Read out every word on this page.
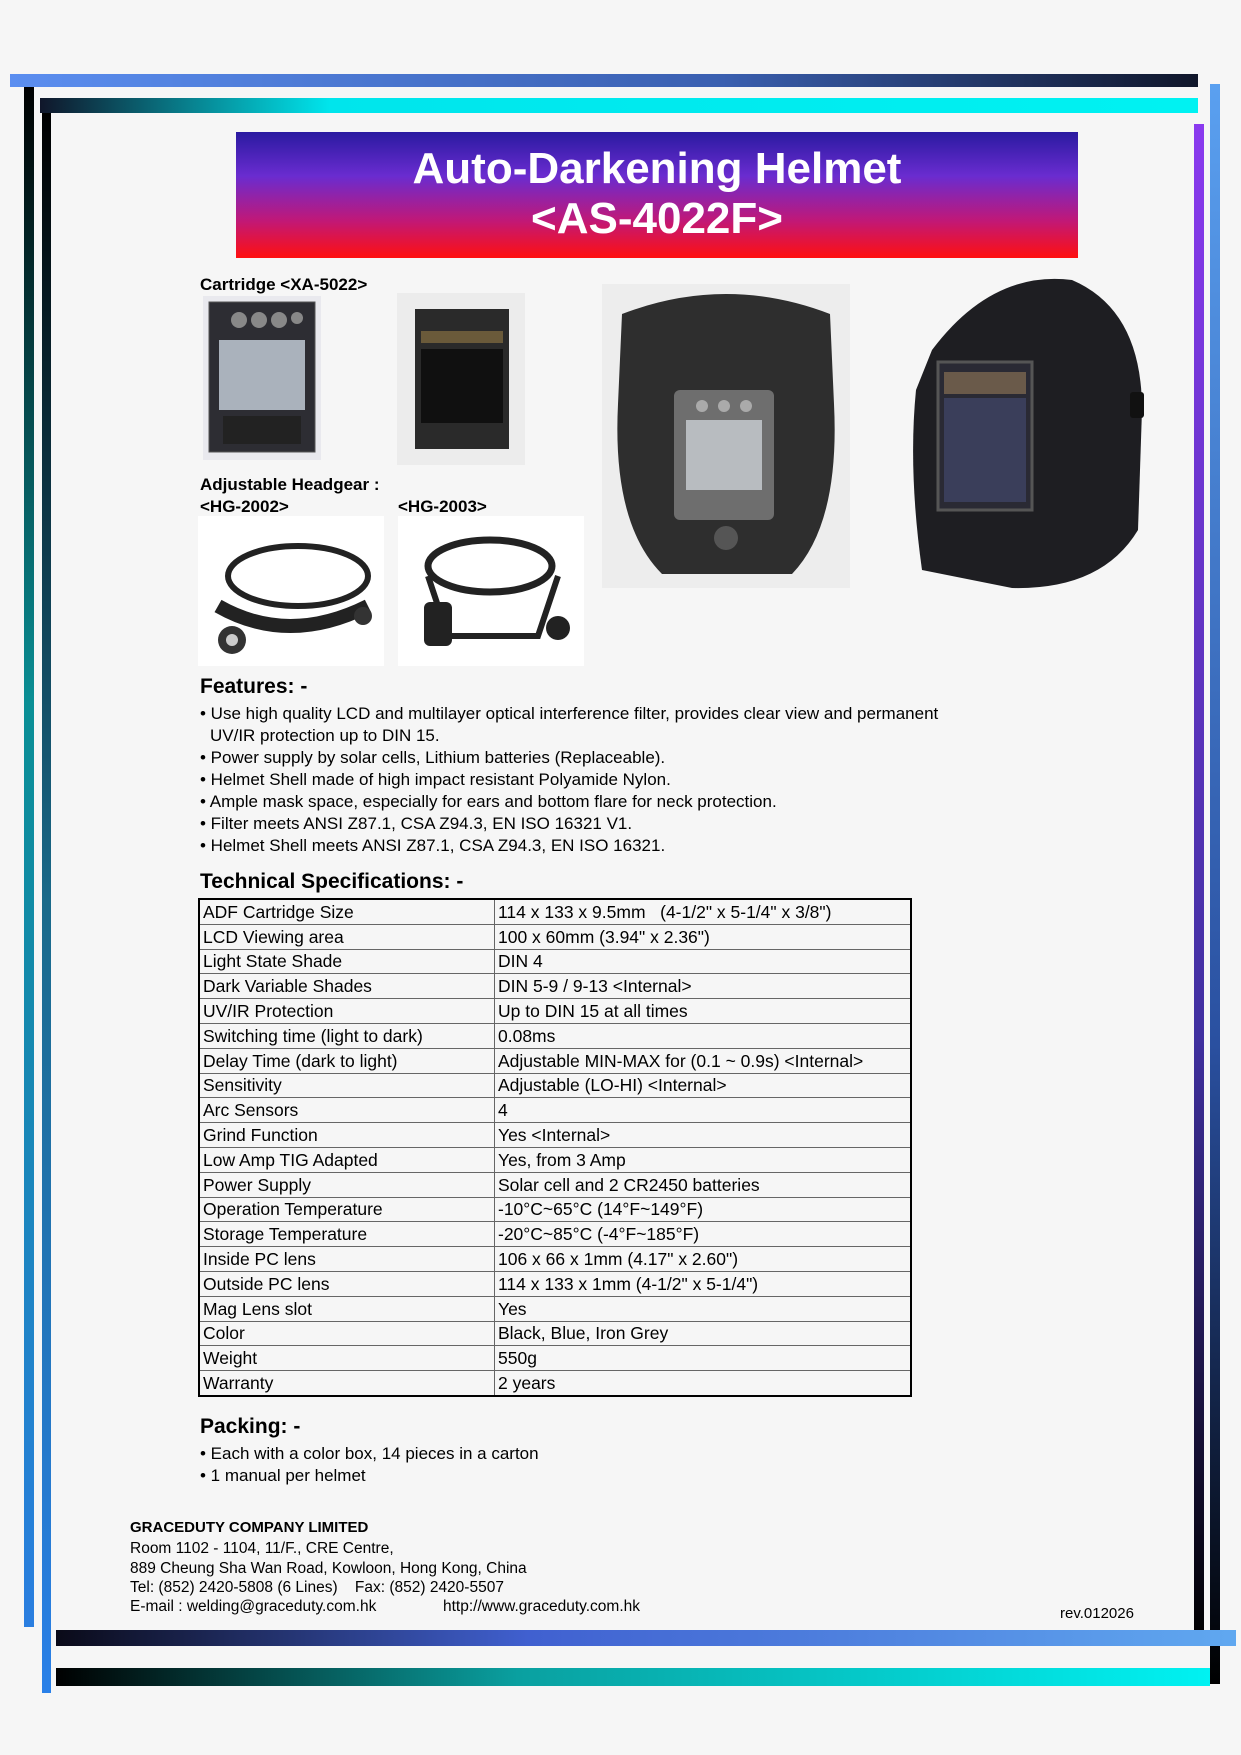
Auto-Darkening Helmet
<AS-4022F>
Cartridge <XA-5022>
Adjustable Headgear :
<HG-2002>	<HG-2003>
Features: -
• Use high quality LCD and multilayer optical interference filter, provides clear view and permanent
UV/IR protection up to DIN 15.
• Power supply by solar cells, Lithium batteries (Replaceable).
• Helmet Shell made of high impact resistant Polyamide Nylon.
• Ample mask space, especially for ears and bottom flare for neck protection.
• Filter meets ANSI Z87.1, CSA Z94.3, EN ISO 16321 V1.
• Helmet Shell meets ANSI Z87.1, CSA Z94.3, EN ISO 16321.
Technical Specifications: -
ADF Cartridge Size	114 x 133 x 9.5mm   (4-1/2" x 5-1/4" x 3/8")
LCD Viewing area	100 x 60mm (3.94" x 2.36")
Light State Shade	DIN 4
Dark Variable Shades	DIN 5-9 / 9-13 <Internal>
UV/IR Protection	Up to DIN 15 at all times
Switching time (light to dark)	0.08ms
Delay Time (dark to light)	Adjustable MIN-MAX for (0.1 ~ 0.9s) <Internal>
Sensitivity	Adjustable (LO-HI) <Internal>
Arc Sensors	4
Grind Function	Yes <Internal>
Low Amp TIG Adapted	Yes, from 3 Amp
Power Supply	Solar cell and 2 CR2450 batteries
Operation Temperature	-10°C~65°C (14°F~149°F)
Storage Temperature	-20°C~85°C (-4°F~185°F)
Inside PC lens	106 x 66 x 1mm (4.17" x 2.60")
Outside PC lens	114 x 133 x 1mm (4-1/2" x 5-1/4")
Mag Lens slot	Yes
Color	Black, Blue, Iron Grey
Weight	550g
Warranty	2 years
Packing: -
• Each with a color box, 14 pieces in a carton
• 1 manual per helmet
GRACEDUTY COMPANY LIMITED
Room 1102 - 1104, 11/F., CRE Centre,
889 Cheung Sha Wan Road, Kowloon, Hong Kong, China
Tel: (852) 2420-5808 (6 Lines)    Fax: (852) 2420-5507
E-mail : welding@graceduty.com.hk	http://www.graceduty.com.hk	rev.012026
